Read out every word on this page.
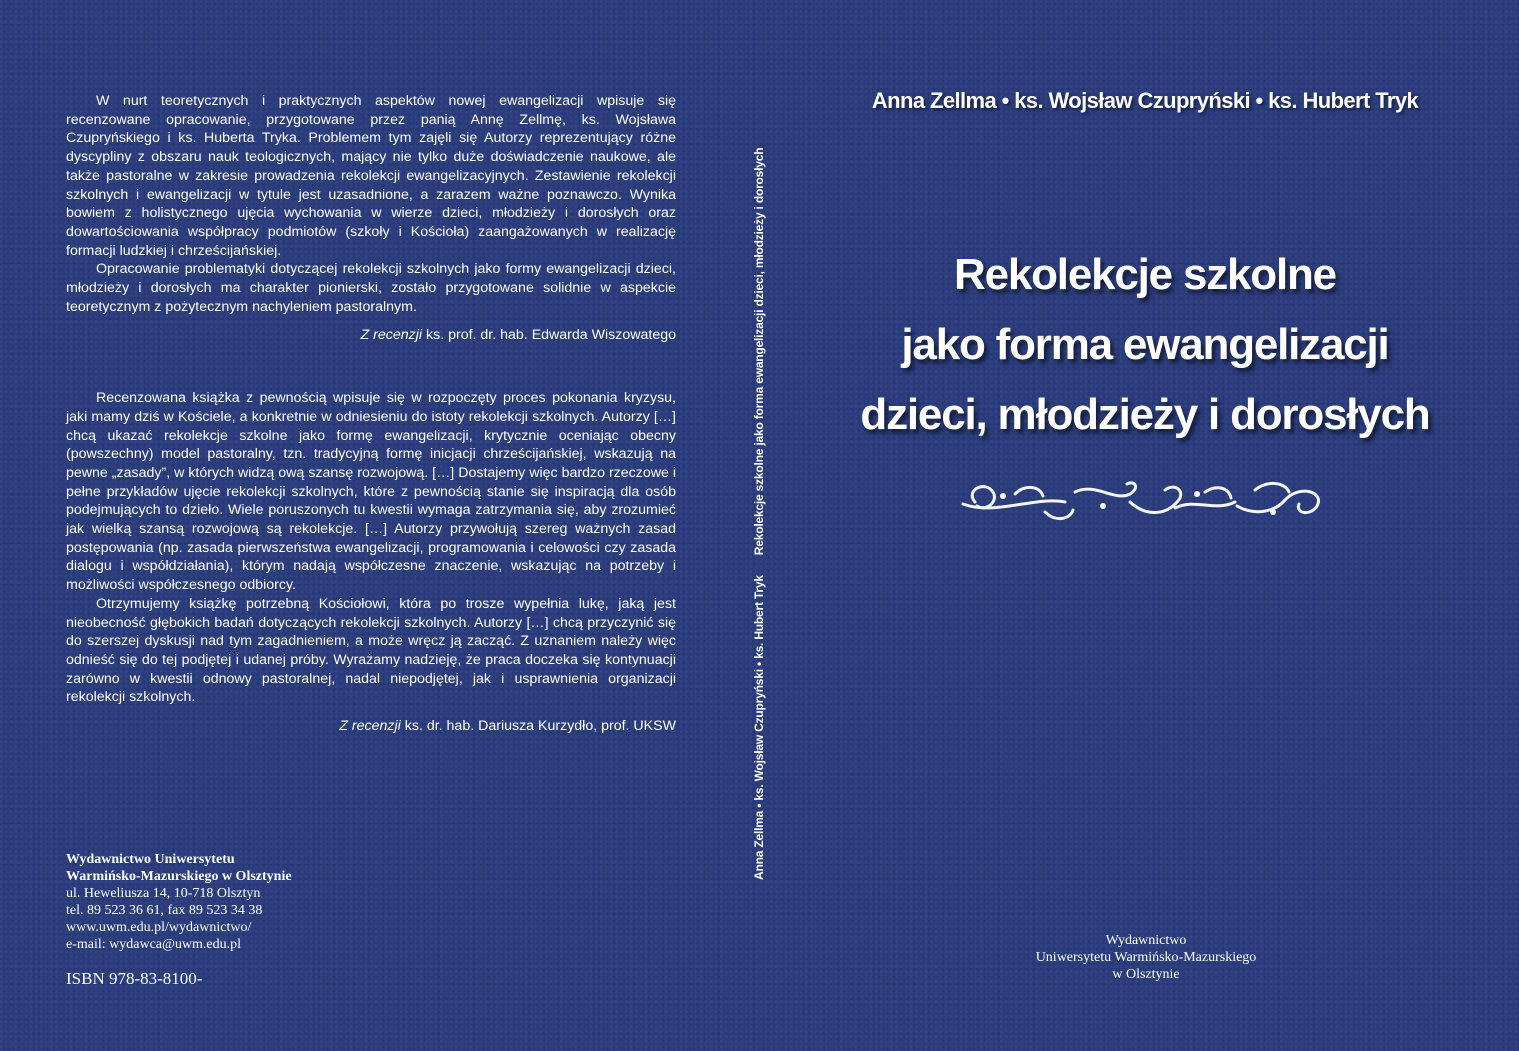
W nurt teoretycznych i praktycznych aspektów nowej ewangelizacji wpisuje się recenzowane opracowanie, przygotowane przez panią Annę Zellmę, ks. Wojsława Czupryńskiego i ks. Huberta Tryka. Problemem tym zajęli się Autorzy reprezentujący różne dyscypliny z obszaru nauk teologicznych, mający nie tylko duże doświadczenie naukowe, ale także pastoralne w zakresie prowadzenia rekolekcji ewangelizacyjnych. Zestawienie rekolekcji szkolnych i ewangelizacji w tytule jest uzasadnione, a zarazem ważne poznawczo. Wynika bowiem z holistycznego ujęcia wychowania w wierze dzieci, młodzieży i dorosłych oraz dowartościowania współpracy podmiotów (szkoły i Kościoła) zaangażowanych w realizację formacji ludzkiej i chrześcijańskiej.

Opracowanie problematyki dotyczącej rekolekcji szkolnych jako formy ewangelizacji dzieci, młodzieży i dorosłych ma charakter pionierski, zostało przygotowane solidnie w aspekcie teoretycznym z pożytecznym nachyleniem pastoralnym.

Z recenzji ks. prof. dr. hab. Edwarda Wiszowatego

Recenzowana książka z pewnością wpisuje się w rozpoczęty proces pokonania kryzysu, jaki mamy dziś w Kościele, a konkretnie w odniesieniu do istoty rekolekcji szkolnych. Autorzy […] chcą ukazać rekolekcje szkolne jako formę ewangelizacji, krytycznie oceniając obecny (powszechny) model pastoralny, tzn. tradycyjną formę inicjacji chrześcijańskiej, wskazują na pewne „zasady”, w których widzą ową szansę rozwojową. […] Dostajemy więc bardzo rzeczowe i pełne przykładów ujęcie rekolekcji szkolnych, które z pewnością stanie się inspiracją dla osób podejmujących to dzieło. Wiele poruszonych tu kwestii wymaga zatrzymania się, aby zrozumieć jak wielką szansą rozwojową są rekolekcje. […] Autorzy przywołują szereg ważnych zasad postępowania (np. zasada pierwszeństwa ewangelizacji, programowania i celowości czy zasada dialogu i współdziałania), którym nadają współczesne znaczenie, wskazując na potrzeby i możliwości współczesnego odbiorcy.

Otrzymujemy książkę potrzebną Kościołowi, która po trosze wypełnia lukę, jaką jest nieobecność głębokich badań dotyczących rekolekcji szkolnych. Autorzy […] chcą przyczynić się do szerszej dyskusji nad tym zagadnieniem, a może wręcz ją zacząć. Z uznaniem należy więc odnieść się do tej podjętej i udanej próby. Wyrażamy nadzieję, że praca doczeka się kontynuacji zarówno w kwestii odnowy pastoralnej, nadal niepodjętej, jak i usprawnienia organizacji rekolekcji szkolnych.

Z recenzji ks. dr. hab. Dariusza Kurzydło, prof. UKSW
Wydawnictwo Uniwersytetu
Warmińsko-Mazurskiego w Olsztynie
ul. Heweliusza 14, 10-718 Olsztyn
tel. 89 523 36 61, fax 89 523 34 38
www.uwm.edu.pl/wydawnictwo/
e-mail: wydawca@uwm.edu.pl
ISBN 978-83-8100-
Anna Zellma • ks. Wojsław Czupryński • ks. Hubert Tryk
Rekolekcje szkolne jako forma ewangelizacji dzieci, młodzieży i dorosłych
Anna Zellma • ks. Wojsław Czupryński • ks. Hubert Tryk
Rekolekcje szkolne
jako forma ewangelizacji
dzieci, młodzieży i dorosłych
Wydawnictwo
Uniwersytetu Warmińsko-Mazurskiego
w Olsztynie
